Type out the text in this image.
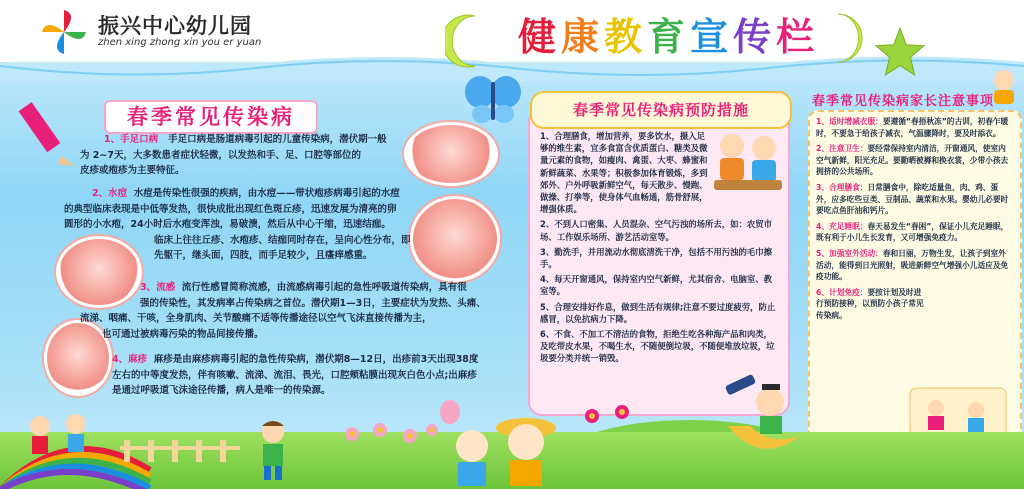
振兴中心幼儿园
zhen xing zhong xin you er yuan	健康教育宣传栏
春季常见传染病
1、手足口病 手足口病是肠道病毒引起的儿童传染病，潜伏期一般
为 2~7天，大多数患者症状轻微，以发热和手、足、口腔等部位的
皮疹或疱疹为主要特征。
2、水痘 水痘是传染性很强的疾病，由水痘——带状疱疹病毒引起的水痘
的典型临床表现是中低等发热，很快成批出现红色斑丘疹，迅速发展为清亮的卵
圆形的小水疱，24小时后水疱变浑浊，易破溃，然后从中心干缩，迅速结痂。
临床上往往丘疹、水疱疹、结痂同时存在，呈向心性分布，即
先躯干，继头面，四肢，而手足较少，且瘙痒感重。
3、流感 流行性感冒简称流感，由流感病毒引起的急性呼吸道传染病，具有很
强的传染性，其发病率占传染病之首位。潜伏期1—3日，主要症状为发热、头痛、
流涕、咽痛、干咳，全身肌肉、关节酸痛不适等传播途径以空气飞沫直接传播为主，
也可通过被病毒污染的物品间接传播。
4、麻疹 麻疹是由麻疹病毒引起的急性传染病，潜伏期8—12日，出疹前3天出现38度
左右的中等度发热，伴有咳嗽、流涕、流泪、畏光，口腔颊粘膜出现灰白色小点;出麻疹
是通过呼吸道飞沫途径传播，病人是唯一的传染源。
春季常见传染病预防措施

1、合理膳食，增加营养，要多饮水，摄入足够的维生素，宜多食富含优质蛋白、糖类及微量元素的食物，如瘦肉、禽蛋、大枣、蜂蜜和新鲜蔬菜、水果等；积极参加体育锻炼，多到郊外、户外呼吸新鲜空气，每天散步、慢跑、做操、打拳等，使身体气血畅通，筋骨舒展，增强体质。

2、不到人口密集、人员混杂、空气污浊的场所去，如：农贸市场、工作娱乐场所、游艺活动室等。

3、勤洗手，并用流动水彻底清洗干净，包括不用污浊的毛巾擦手。

4、每天开窗通风，保持室内空气新鲜，尤其宿舍、电脑室、教室等。

5、合理安排好作息，做到生活有规律;注意不要过度疲劳，防止感冒，以免抗病力下降。

6、不食、不加工不清洁的食物，拒绝生吃各种海产品和肉类，及吃带皮水果，不喝生水，不随便倒垃圾，不随便堆放垃圾，垃圾要分类并统一销毁。

春季常见传染病家长注意事项

1、适时增减衣服：要遵循“春捂秋冻”的古训，初春乍暖时，不要急于给孩子减衣，气温骤降时，要及时添衣。

2、注意卫生：要经常保持室内清洁，开窗通风，使室内空气新鲜，阳光充足。要勤晒被褥和换衣裳，少带小孩去拥挤的公共场所。

3、合理膳食：日常膳食中，除吃适量鱼、肉、鸡、蛋外，应多吃些豆类、豆制品、蔬菜和水果。婴幼儿必要时要吃点鱼肝油和钙片。

4、充足睡眠：春天易发生“春困”，保证小儿充足睡眠，既有利于小儿生长发育，又可增强免疫力。

5、加强室外活动：春和日丽，万物生发，让孩子到室外活动，能得到日光照射，吸进新鲜空气增强小儿适应及免疫功能。

6、计划免疫：要按计划及时进行预防接种，以预防小孩子常见传染病。
